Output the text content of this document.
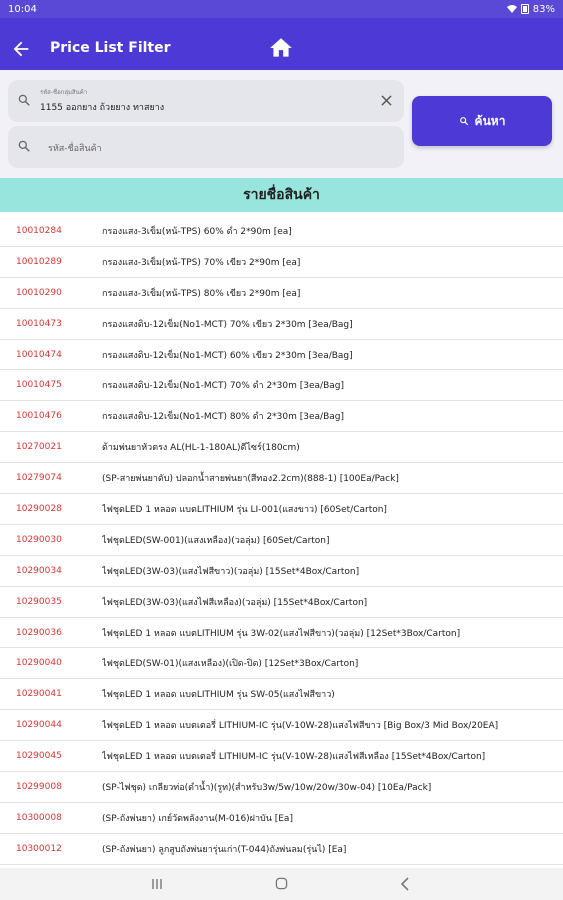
10:04	83%
Price List Filter
รหัส-ชื่อกลุ่มสินค้า
1155 ออกยาง ถ้วยยาง ทาสยาง
รหัส-ชื่อสินค้า
ค้นหา
รายชื่อสินค้า
10010284	กรองแสง-3เข็ม(หน้-TPS) 60% ดำ 2*90m [ea]
10010289	กรองแสง-3เข็ม(หน้-TPS) 70% เขียว 2*90m [ea]
10010290	กรองแสง-3เข็ม(หน้-TPS) 80% เขียว 2*90m [ea]
10010473	กรองแสงดิบ-12เข็ม(No1-MCT) 70% เขียว 2*30m [3ea/Bag]
10010474	กรองแสงดิบ-12เข็ม(No1-MCT) 60% เขียว 2*30m [3ea/Bag]
10010475	กรองแสงดิบ-12เข็ม(No1-MCT) 70% ดำ 2*30m [3ea/Bag]
10010476	กรองแสงดิบ-12เข็ม(No1-MCT) 80% ดำ 2*30m [3ea/Bag]
10270021	ด้ามพ่นยาหัวตรง AL(HL-1-180AL)ดีไซร์(180cm)
10279074	(SP-สายพ่นยาดับ) ปลอกน้ำสายพ่นยา(สีทอง2.2cm)(888-1) [100Ea/Pack]
10290028	ไฟชุดLED 1 หลอด แบตLITHIUM รุ่น LI-001(แสงขาว) [60Set/Carton]
10290030	ไฟชุดLED(SW-001)(แสงเหลือง)(วอลุ่ม) [60Set/Carton]
10290034	ไฟชุดLED(3W-03)(แสงไฟสีขาว)(วอลุ่ม) [15Set*4Box/Carton]
10290035	ไฟชุดLED(3W-03)(แสงไฟสีเหลือง)(วอลุ่ม) [15Set*4Box/Carton]
10290036	ไฟชุดLED 1 หลอด แบตLITHIUM รุ่น 3W-02(แสงไฟสีขาว)(วอลุ่ม) [12Set*3Box/Carton]
10290040	ไฟชุดLED(SW-01)(แสงเหลือง)(เปิด-ปิด) [12Set*3Box/Carton]
10290041	ไฟชุดLED 1 หลอด แบตLITHIUM รุ่น SW-05(แสงไฟสีขาว)
10290044	ไฟชุดLED 1 หลอด แบตเตอรี่ LITHIUM-IC รุ่น(V-10W-28)แสงไฟสีขาว [Big Box/3 Mid Box/20EA]
10290045	ไฟชุดLED 1 หลอด แบตเตอรี่ LITHIUM-IC รุ่น(V-10W-28)แสงไฟสีเหลือง [15Set*4Box/Carton]
10299008	(SP-ไฟชุด) เกลียวท่อ(ดำน้ำ)(รูท)(สำหรับ3w/5w/10w/20w/30w-04) [10Ea/Pack]
10300008	(SP-ถังพ่นยา) เกย์วัดพลังงาน(M-016)ฝาบัน [Ea]
10300012	(SP-ถังพ่นยา) ลูกสูบถังพ่นยารุ่นเก่า(T-044)ถังพ่นลม(รุ่นไ) [Ea]
